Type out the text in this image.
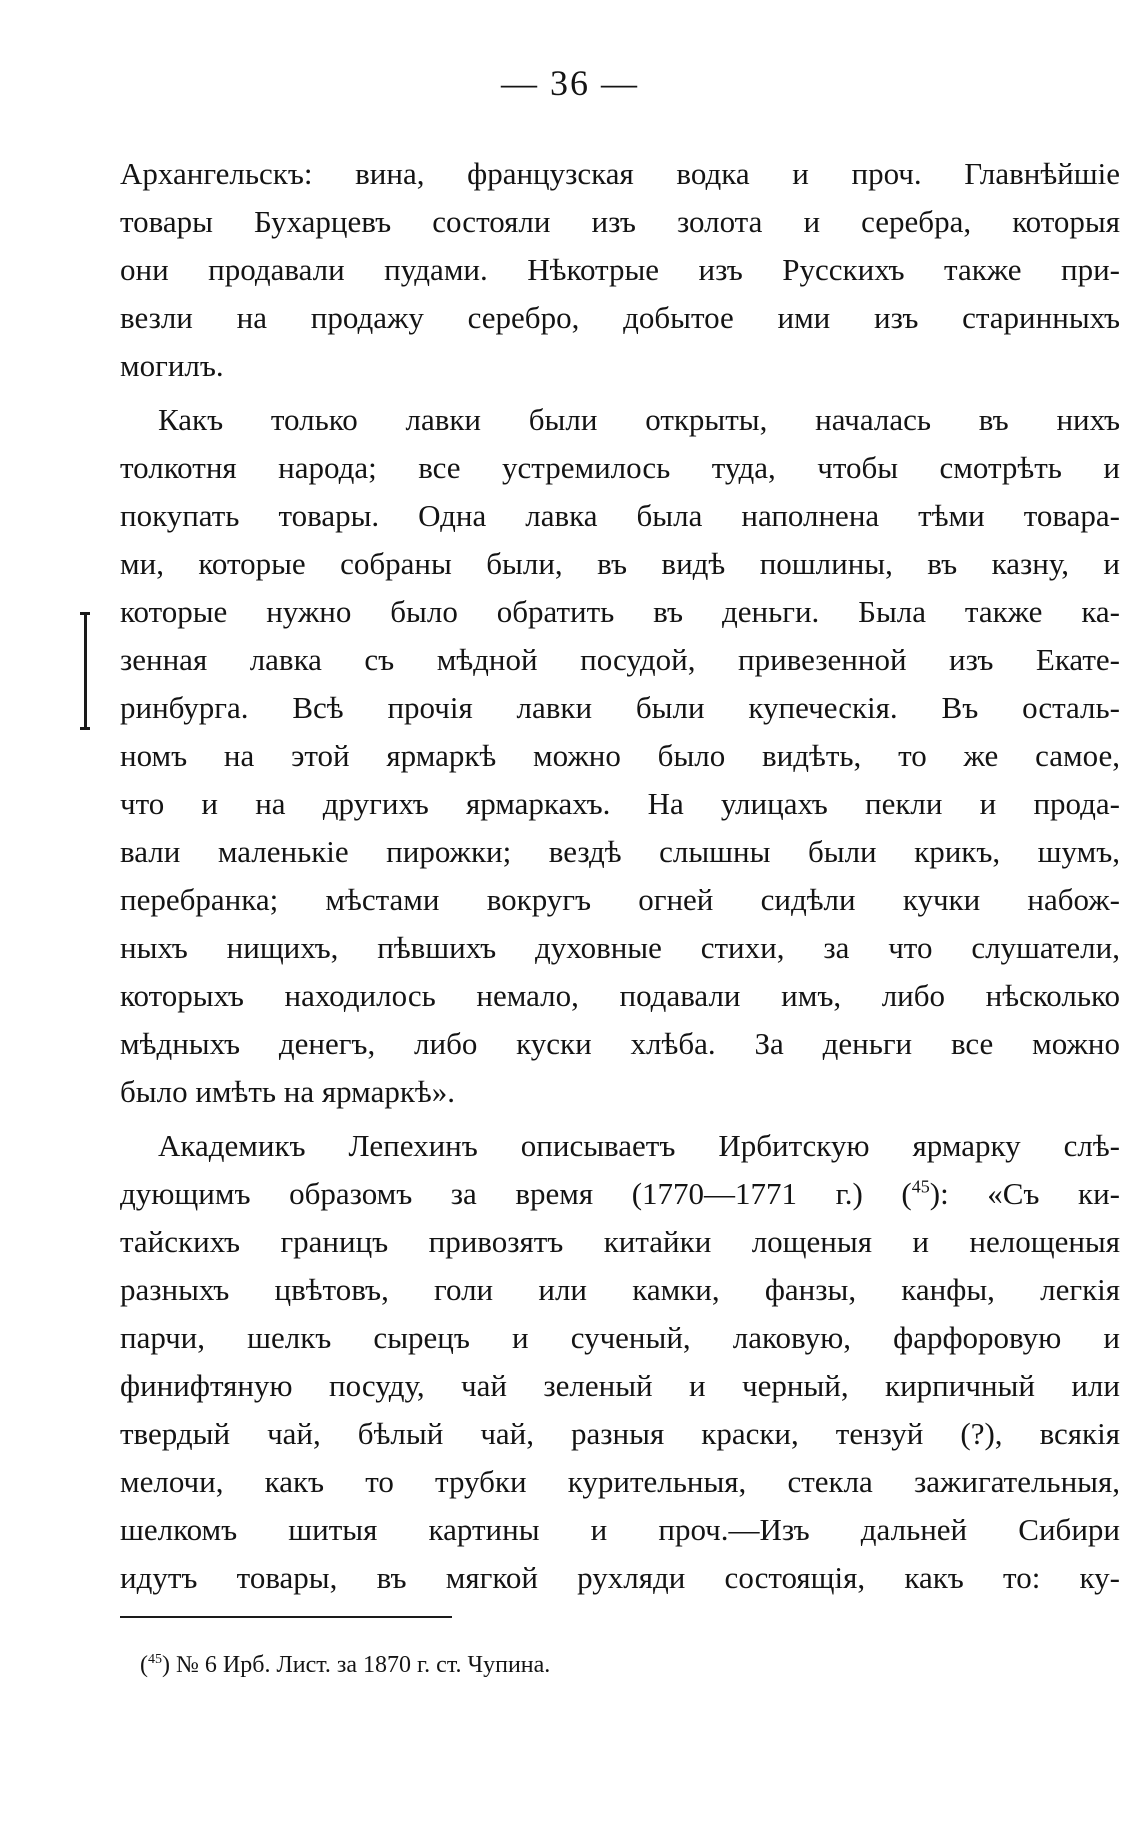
— 36 —
Архангельскъ: вина, французская водка и проч. Главнѣйшіе
товары Бухарцевъ состояли изъ золота и серебра, которыя
они продавали пудами. Нѣкотрые изъ Русскихъ также при-
везли на продажу серебро, добытое ими изъ старинныхъ
могилъ.
Какъ только лавки были открыты, началась въ нихъ
толкотня народа; все устремилось туда, чтобы смотрѣть и
покупать товары. Одна лавка была наполнена тѣми товара-
ми, которые собраны были, въ видѣ пошлины, въ казну, и
которые нужно было обратить въ деньги. Была также ка-
зенная лавка съ мѣдной посудой, привезенной изъ Екате-
ринбурга. Всѣ прочія лавки были купеческія. Въ осталь-
номъ на этой ярмаркѣ можно было видѣть, то же самое,
что и на другихъ ярмаркахъ. На улицахъ пекли и прода-
вали маленькіе пирожки; вездѣ слышны были крикъ, шумъ,
перебранка; мѣстами вокругъ огней сидѣли кучки набож-
ныхъ нищихъ, пѣвшихъ духовные стихи, за что слушатели,
которыхъ находилось немало, подавали имъ, либо нѣсколько
мѣдныхъ денегъ, либо куски хлѣба. За деньги все можно
было имѣть на ярмаркѣ».
Академикъ Лепехинъ описываетъ Ирбитскую ярмарку слѣ-
дующимъ образомъ за время (1770—1771 г.) ($^{45}$): «Съ ки-
тайскихъ границъ привозятъ китайки лощеныя и нелощеныя
разныхъ цвѣтовъ, голи или камки, фанзы, канфы, легкія
парчи, шелкъ сырецъ и сученый, лаковую, фарфоровую и
финифтяную посуду, чай зеленый и черный, кирпичный или
твердый чай, бѣлый чай, разныя краски, тензуй (?), всякія
мелочи, какъ то трубки курительныя, стекла зажигательныя,
шелкомъ шитыя картины и проч.—Изъ дальней Сибири
идутъ товары, въ мягкой рухляди состоящія, какъ то: ку-
($^{45}$) № 6 Ирб. Лист. за 1870 г. ст. Чупина.
